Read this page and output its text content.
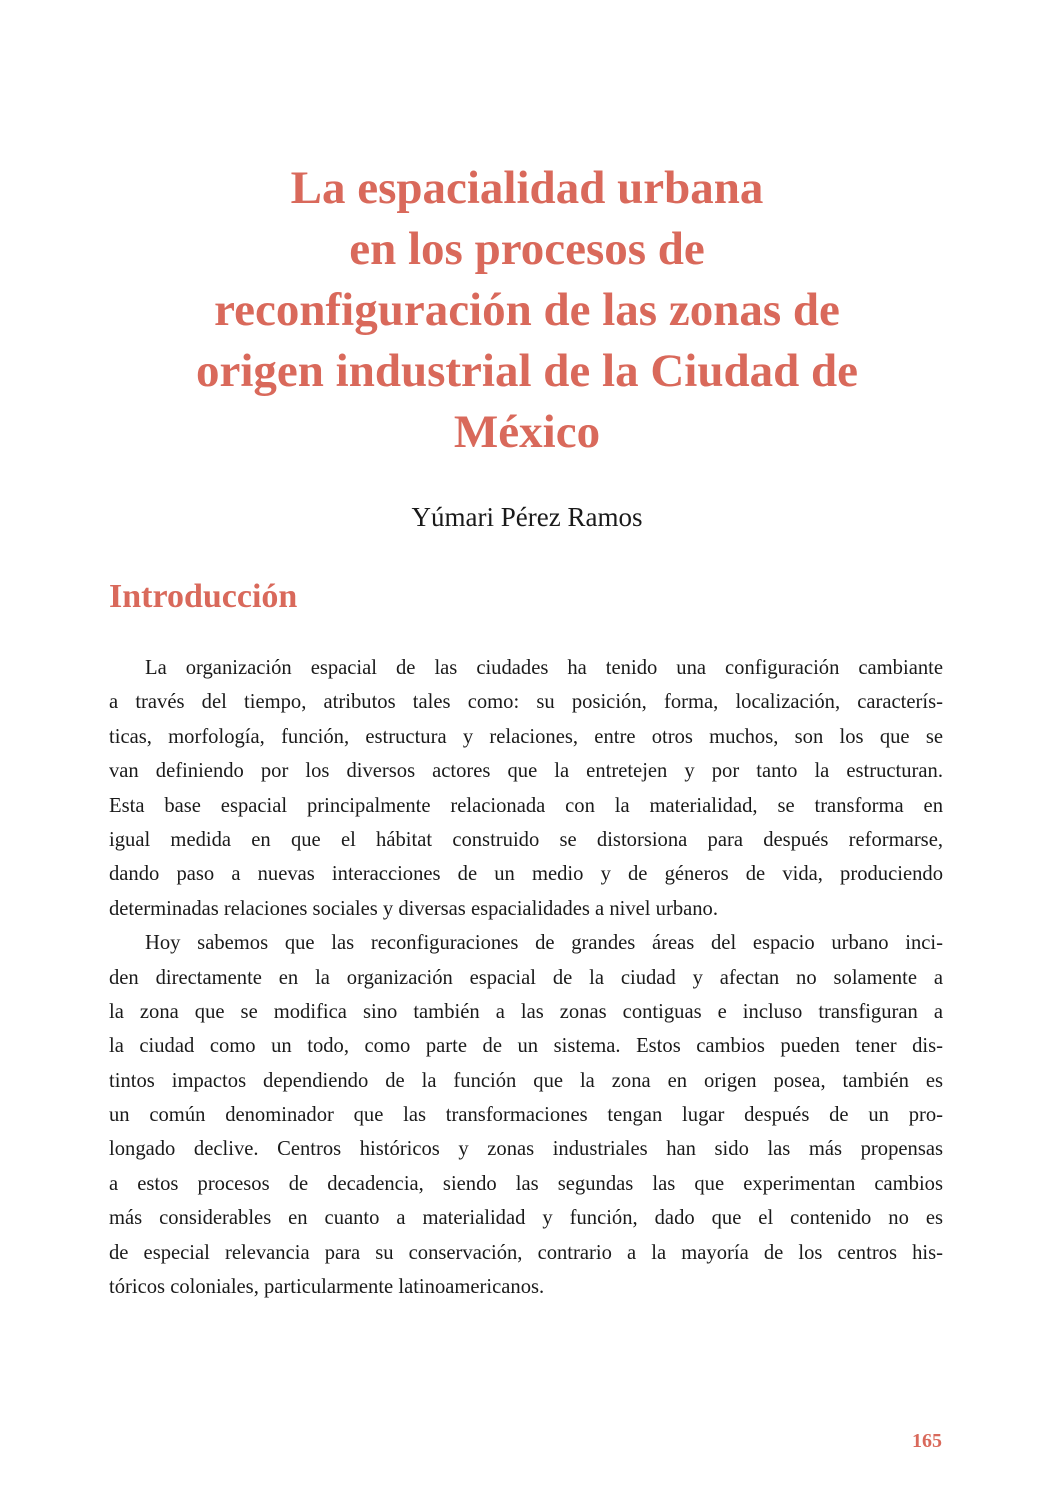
La espacialidad urbana
en los procesos de
reconfiguración de las zonas de
origen industrial de la Ciudad de
México
Yúmari Pérez Ramos
Introducción
La organización espacial de las ciudades ha tenido una configuración cambiante
a través del tiempo, atributos tales como: su posición, forma, localización, caracterís-
ticas, morfología, función, estructura y relaciones, entre otros muchos, son los que se
van definiendo por los diversos actores que la entretejen y por tanto la estructuran.
Esta base espacial principalmente relacionada con la materialidad, se transforma en
igual medida en que el hábitat construido se distorsiona para después reformarse,
dando paso a nuevas interacciones de un medio y de géneros de vida, produciendo
determinadas relaciones sociales y diversas espacialidades a nivel urbano.
Hoy sabemos que las reconfiguraciones de grandes áreas del espacio urbano inci-
den directamente en la organización espacial de la ciudad y afectan no solamente a
la zona que se modifica sino también a las zonas contiguas e incluso transfiguran a
la ciudad como un todo, como parte de un sistema. Estos cambios pueden tener dis-
tintos impactos dependiendo de la función que la zona en origen posea, también es
un común denominador que las transformaciones tengan lugar después de un pro-
longado declive. Centros históricos y zonas industriales han sido las más propensas
a estos procesos de decadencia, siendo las segundas las que experimentan cambios
más considerables en cuanto a materialidad y función, dado que el contenido no es
de especial relevancia para su conservación, contrario a la mayoría de los centros his-
tóricos coloniales, particularmente latinoamericanos.
165
